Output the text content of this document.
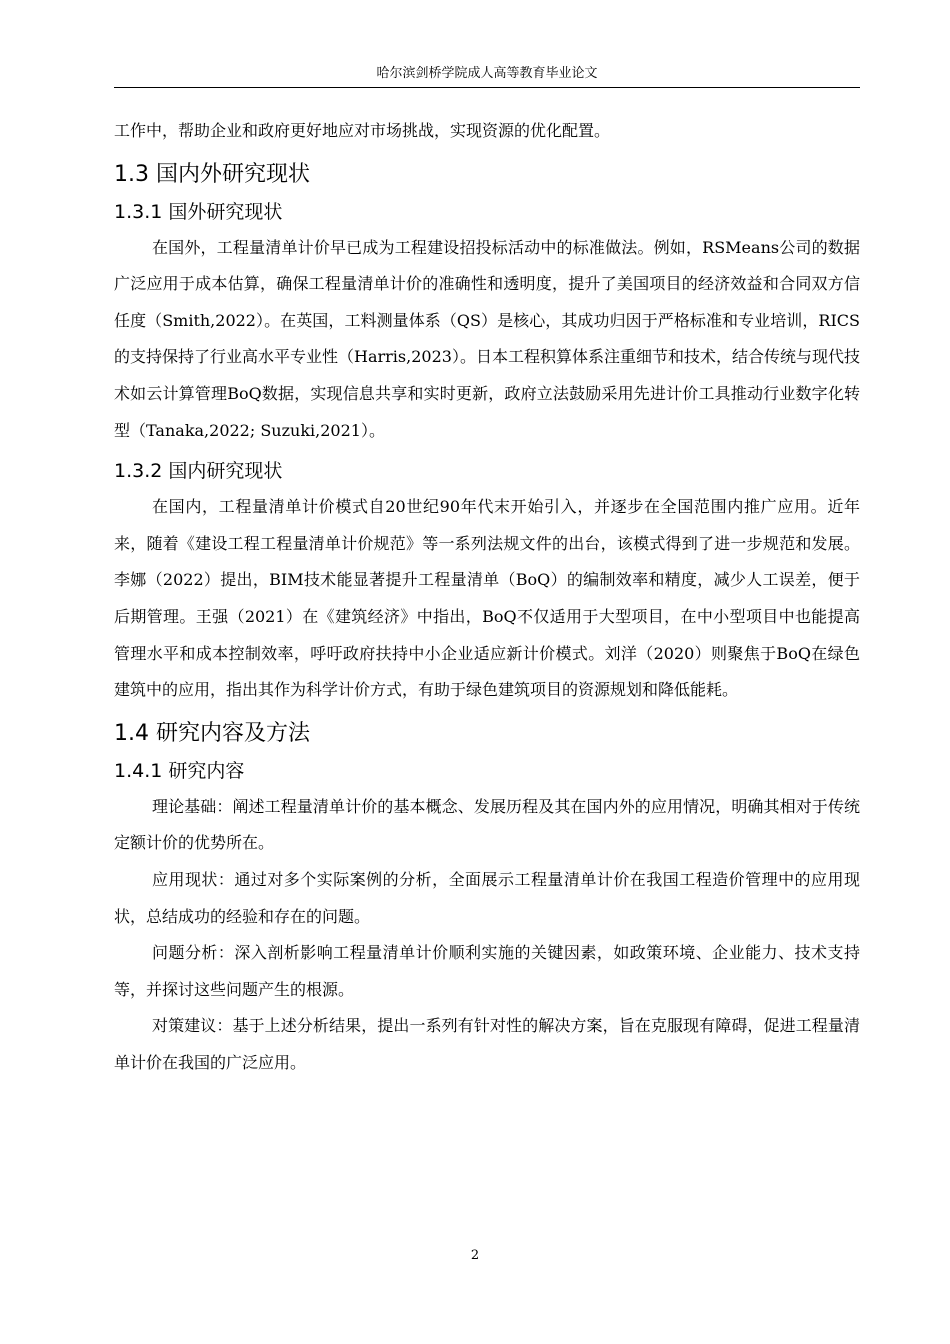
哈尔滨剑桥学院成人高等教育毕业论文

工作中，帮助企业和政府更好地应对市场挑战，实现资源的优化配置。

1.3 国内外研究现状
1.3.1 国外研究现状

在国外，工程量清单计价早已成为工程建设招投标活动中的标准做法。例如，RSMeans公司的数据广泛应用于成本估算，确保工程量清单计价的准确性和透明度，提升了美国项目的经济效益和合同双方信任度（Smith,2022）。在英国，工料测量体系（QS）是核心，其成功归因于严格标准和专业培训，RICS的支持保持了行业高水平专业性（Harris,2023）。日本工程积算体系注重细节和技术，结合传统与现代技术如云计算管理BoQ数据，实现信息共享和实时更新，政府立法鼓励采用先进计价工具推动行业数字化转型（Tanaka,2022; Suzuki,2021）。

1.3.2 国内研究现状

在国内，工程量清单计价模式自20世纪90年代末开始引入，并逐步在全国范围内推广应用。近年来，随着《建设工程工程量清单计价规范》等一系列法规文件的出台，该模式得到了进一步规范和发展。李娜（2022）提出，BIM技术能显著提升工程量清单（BoQ）的编制效率和精度，减少人工误差，便于后期管理。王强（2021）在《建筑经济》中指出，BoQ不仅适用于大型项目，在中小型项目中也能提高管理水平和成本控制效率，呼吁政府扶持中小企业适应新计价模式。刘洋（2020）则聚焦于BoQ在绿色建筑中的应用，指出其作为科学计价方式，有助于绿色建筑项目的资源规划和降低能耗。

1.4 研究内容及方法
1.4.1 研究内容

理论基础：阐述工程量清单计价的基本概念、发展历程及其在国内外的应用情况，明确其相对于传统定额计价的优势所在。

应用现状：通过对多个实际案例的分析，全面展示工程量清单计价在我国工程造价管理中的应用现状，总结成功的经验和存在的问题。

问题分析：深入剖析影响工程量清单计价顺利实施的关键因素，如政策环境、企业能力、技术支持等，并探讨这些问题产生的根源。

对策建议：基于上述分析结果，提出一系列有针对性的解决方案，旨在克服现有障碍，促进工程量清单计价在我国的广泛应用。

2
